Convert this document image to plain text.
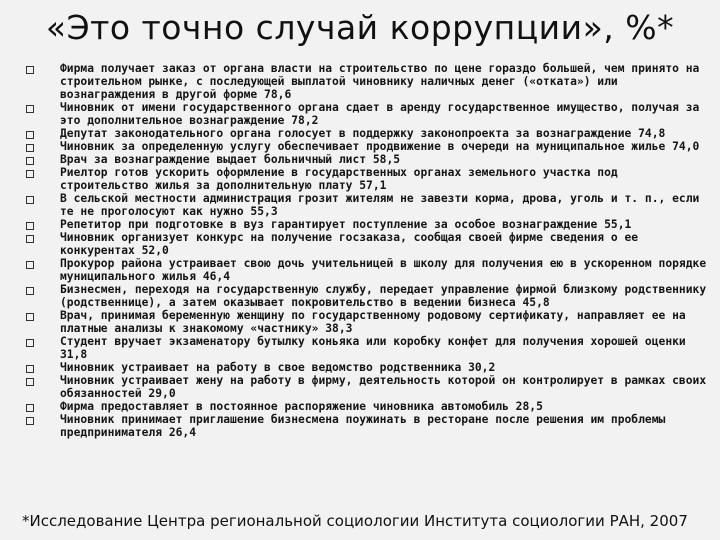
«Это точно случай коррупции», %*
Фирма получает заказ от органа власти на строительство по цене гораздо большей, чем принято на строительном рынке, с последующей выплатой чиновнику наличных денег («отката») или вознаграждения в другой форме 78,6
Чиновник от имени государственного органа сдает в аренду государственное имущество, получая за это дополнительное вознаграждение 78,2
Депутат законодательного органа голосует в поддержку законопроекта за вознаграждение 74,8
Чиновник за определенную услугу обеспечивает продвижение в очереди на муниципальное жилье 74,0
Врач за вознаграждение выдает больничный лист 58,5
Риелтор готов ускорить оформление в государственных органах земельного участка под строительство жилья за дополнительную плату 57,1
В сельской местности администрация грозит жителям не завезти корма, дрова, уголь и т. п., если те не проголосуют как нужно 55,3
Репетитор при подготовке в вуз гарантирует поступление за особое вознаграждение 55,1
Чиновник организует конкурс на получение госзаказа, сообщая своей фирме сведения о ее конкурентах 52,0
Прокурор района устраивает свою дочь учительницей в школу для получения ею в ускоренном порядке муниципального жилья 46,4
Бизнесмен, переходя на государственную службу, передает управление фирмой близкому родственнику (родственнице), а затем оказывает покровительство в ведении бизнеса 45,8
Врач, принимая беременную женщину по государственному родовому сертификату, направляет ее на платные анализы к знакомому «частнику» 38,3
Студент вручает экзаменатору бутылку коньяка или коробку конфет для получения хорошей оценки 31,8
Чиновник устраивает на работу в свое ведомство родственника 30,2
Чиновник устраивает жену на работу в фирму, деятельность которой он контролирует в рамках своих обязанностей 29,0
Фирма предоставляет в постоянное распоряжение чиновника автомобиль 28,5
Чиновник принимает приглашение бизнесмена поужинать в ресторане после решения им проблемы предпринимателя 26,4
*Исследование Центра региональной социологии Института социологии РАН, 2007
